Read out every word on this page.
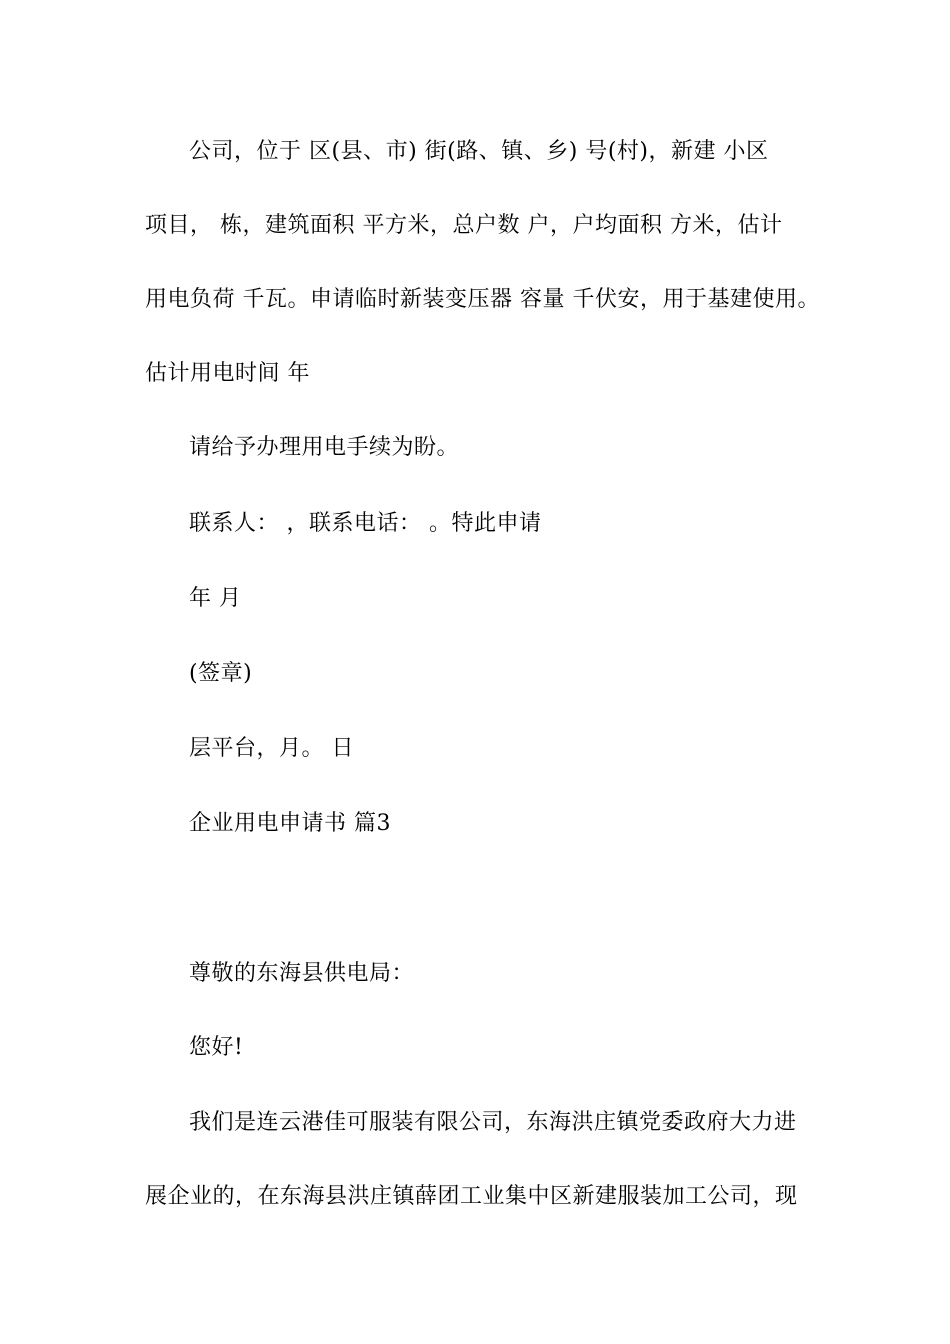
公司，位于 区(县、市) 街(路、镇、乡) 号(村)，新建 小区
项目， 栋，建筑面积 平方米，总户数 户，户均面积 方米，估计
用电负荷 千瓦。申请临时新装变压器 容量 千伏安，用于基建使用。
估计用电时间 年
请给予办理用电手续为盼。
联系人： ，联系电话： 。特此申请
年 月
(签章)
层平台，月。 日
企业用电申请书 篇3
尊敬的东海县供电局：
您好!
我们是连云港佳可服装有限公司，东海洪庄镇党委政府大力进
展企业的，在东海县洪庄镇薛团工业集中区新建服装加工公司，现
